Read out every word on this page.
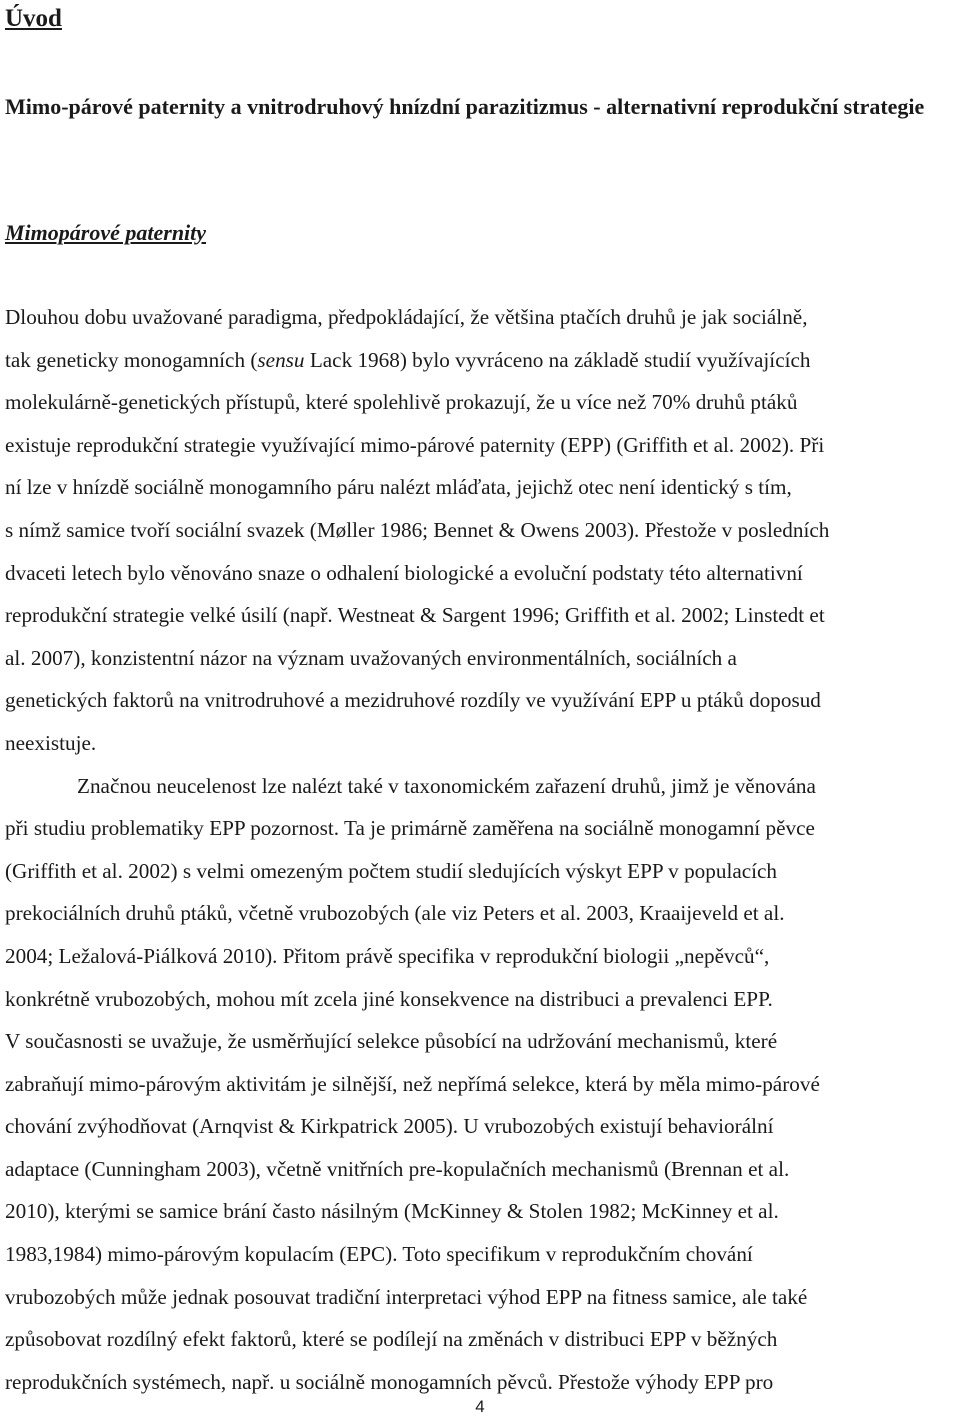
Úvod
Mimo-párové paternity a vnitrodruhový hnízdní parazitizmus - alternativní reprodukční strategie
Mimopárové paternity
Dlouhou dobu uvažované paradigma, předpokládající, že většina ptačích druhů je jak sociálně,
tak geneticky monogamních (sensu Lack 1968) bylo vyvráceno na základě studií využívajících
molekulárně-genetických přístupů, které spolehlivě prokazují, že u více než 70% druhů ptáků
existuje reprodukční strategie využívající mimo-párové paternity (EPP) (Griffith et al. 2002). Při
ní lze v hnízdě sociálně monogamního páru nalézt mláďata, jejichž otec není identický s tím,
s nímž samice tvoří sociální svazek (Møller 1986; Bennet & Owens 2003). Přestože v posledních
dvaceti letech bylo věnováno snaze o odhalení biologické a evoluční podstaty této alternativní
reprodukční strategie velké úsilí (např. Westneat & Sargent 1996; Griffith et al. 2002; Linstedt et
al. 2007), konzistentní názor na význam uvažovaných environmentálních, sociálních a
genetických faktorů na vnitrodruhové a mezidruhové rozdíly ve využívání EPP u ptáků doposud
neexistuje.
Značnou neucelenost lze nalézt také v taxonomickém zařazení druhů, jimž je věnována
při studiu problematiky EPP pozornost. Ta je primárně zaměřena na sociálně monogamní pěvce
(Griffith et al. 2002) s velmi omezeným počtem studií sledujících výskyt EPP v populacích
prekociálních druhů ptáků, včetně vrubozobých (ale viz Peters et al. 2003, Kraaijeveld et al.
2004; Ležalová-Piálková 2010). Přitom právě specifika v reprodukční biologii „nepěvců“,
konkrétně vrubozobých, mohou mít zcela jiné konsekvence na distribuci a prevalenci EPP.
V současnosti se uvažuje, že usměrňující selekce působící na udržování mechanismů, které
zabraňují mimo-párovým aktivitám je silnější, než nepřímá selekce, která by měla mimo-párové
chování zvýhodňovat (Arnqvist & Kirkpatrick 2005). U vrubozobých existují behaviorální
adaptace (Cunningham 2003), včetně vnitřních pre-kopulačních mechanismů (Brennan et al.
2010), kterými se samice brání často násilným (McKinney & Stolen 1982; McKinney et al.
1983,1984) mimo-párovým kopulacím (EPC). Toto specifikum v reprodukčním chování
vrubozobých může jednak posouvat tradiční interpretaci výhod EPP na fitness samice, ale také
způsobovat rozdílný efekt faktorů, které se podílejí na změnách v distribuci EPP v běžných
reprodukčních systémech, např. u sociálně monogamních pěvců. Přestože výhody EPP pro
4
